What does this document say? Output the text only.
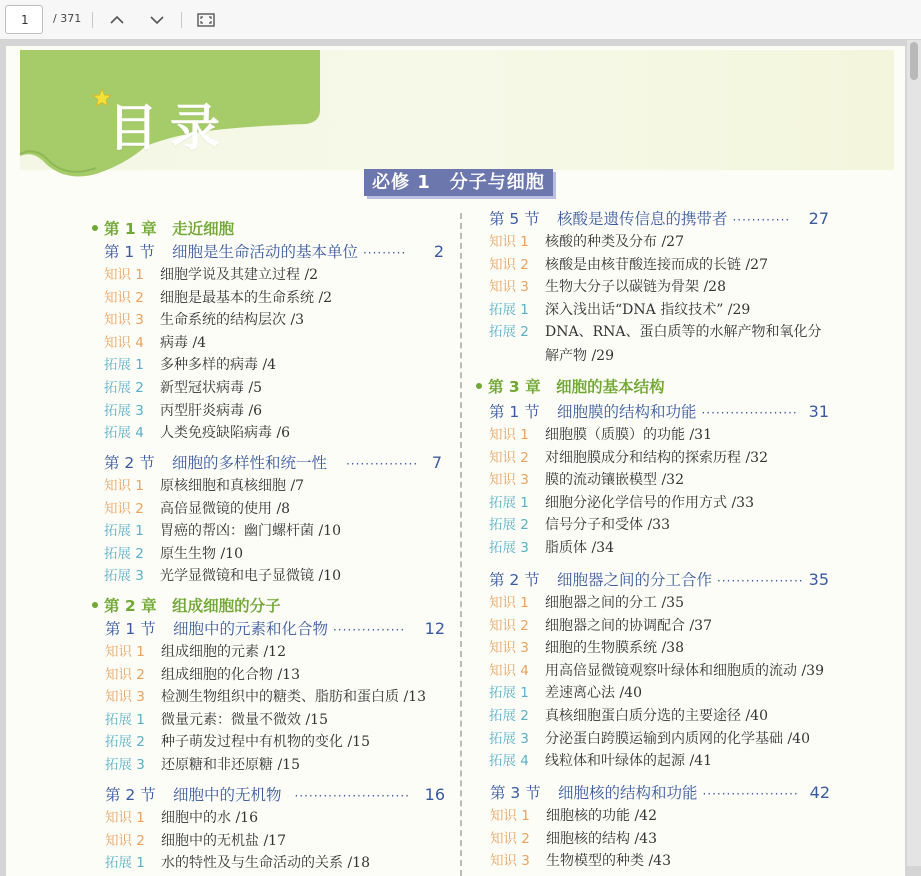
1
/ 371
目录
必修 1　分子与细胞
第 1 章　走近细胞
第 1 节 细胞是生命活动的基本单位 ········· 2
知识 1 细胞学说及其建立过程 /2
知识 2 细胞是最基本的生命系统 /2
知识 3 生命系统的结构层次 /3
知识 4 病毒 /4
拓展 1 多种多样的病毒 /4
拓展 2 新型冠状病毒 /5
拓展 3 丙型肝炎病毒 /6
拓展 4 人类免疫缺陷病毒 /6
第 2 节 细胞的多样性和统一性 ··············· 7
知识 1 原核细胞和真核细胞 /7
知识 2 高倍显微镜的使用 /8
拓展 1 胃癌的帮凶：幽门螺杆菌 /10
拓展 2 原生生物 /10
拓展 3 光学显微镜和电子显微镜 /10
第 2 章　组成细胞的分子
第 1 节 细胞中的元素和化合物 ··············· 12
知识 1 组成细胞的元素 /12
知识 2 组成细胞的化合物 /13
知识 3 检测生物组织中的糖类、脂肪和蛋白质 /13
拓展 1 微量元素：微量不微效 /15
拓展 2 种子萌发过程中有机物的变化 /15
拓展 3 还原糖和非还原糖 /15
第 2 节 细胞中的无机物 ························ 16
知识 1 细胞中的水 /16
知识 2 细胞中的无机盐 /17
拓展 1 水的特性及与生命活动的关系 /18
第 5 节 核酸是遗传信息的携带者 ············ 27
知识 1 核酸的种类及分布 /27
知识 2 核酸是由核苷酸连接而成的长链 /27
知识 3 生物大分子以碳链为骨架 /28
拓展 1 深入浅出话“DNA 指纹技术” /29
拓展 2 DNA、RNA、蛋白质等的水解产物和氧化分
解产物 /29
第 3 章　细胞的基本结构
第 1 节 细胞膜的结构和功能 ···················· 31
知识 1 细胞膜（质膜）的功能 /31
知识 2 对细胞膜成分和结构的探索历程 /32
知识 3 膜的流动镶嵌模型 /32
拓展 1 细胞分泌化学信号的作用方式 /33
拓展 2 信号分子和受体 /33
拓展 3 脂质体 /34
第 2 节 细胞器之间的分工合作 ·················· 35
知识 1 细胞器之间的分工 /35
知识 2 细胞器之间的协调配合 /37
知识 3 细胞的生物膜系统 /38
知识 4 用高倍显微镜观察叶绿体和细胞质的流动 /39
拓展 1 差速离心法 /40
拓展 2 真核细胞蛋白质分选的主要途径 /40
拓展 3 分泌蛋白跨膜运输到内质网的化学基础 /40
拓展 4 线粒体和叶绿体的起源 /41
第 3 节 细胞核的结构和功能 ···················· 42
知识 1 细胞核的功能 /42
知识 2 细胞核的结构 /43
知识 3 生物模型的种类 /43
